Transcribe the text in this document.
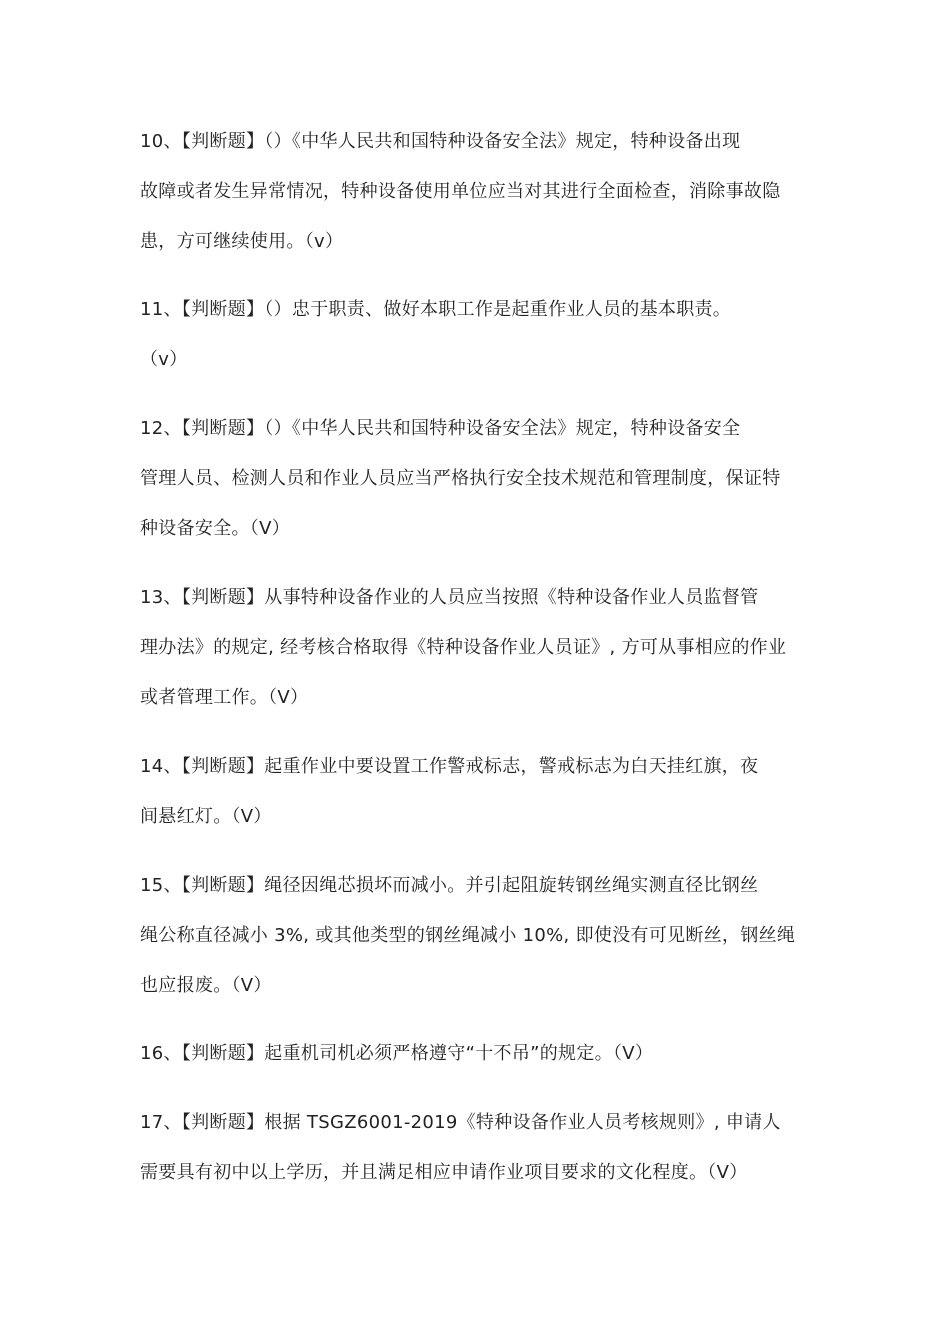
10、【判断题】（）《中华人民共和国特种设备安全法》规定，特种设备出现
故障或者发生异常情况，特种设备使用单位应当对其进行全面检查，消除事故隐
患，方可继续使用。（v）
11、【判断题】（）忠于职责、做好本职工作是起重作业人员的基本职责。
（v）
12、【判断题】（）《中华人民共和国特种设备安全法》规定，特种设备安全
管理人员、检测人员和作业人员应当严格执行安全技术规范和管理制度，保证特
种设备安全。（V）
13、【判断题】从事特种设备作业的人员应当按照《特种设备作业人员监督管
理办法》的规定, 经考核合格取得《特种设备作业人员证》, 方可从事相应的作业
或者管理工作。（V）
14、【判断题】起重作业中要设置工作警戒标志，警戒标志为白天挂红旗，夜
间悬红灯。（V）
15、【判断题】绳径因绳芯损坏而减小。并引起阻旋转钢丝绳实测直径比钢丝
绳公称直径减小 3%, 或其他类型的钢丝绳减小 10%, 即使没有可见断丝，钢丝绳
也应报废。（V）
16、【判断题】起重机司机必须严格遵守“十不吊”的规定。（V）
17、【判断题】根据 TSGZ6001-2019《特种设备作业人员考核规则》, 申请人
需要具有初中以上学历，并且满足相应申请作业项目要求的文化程度。（V）
